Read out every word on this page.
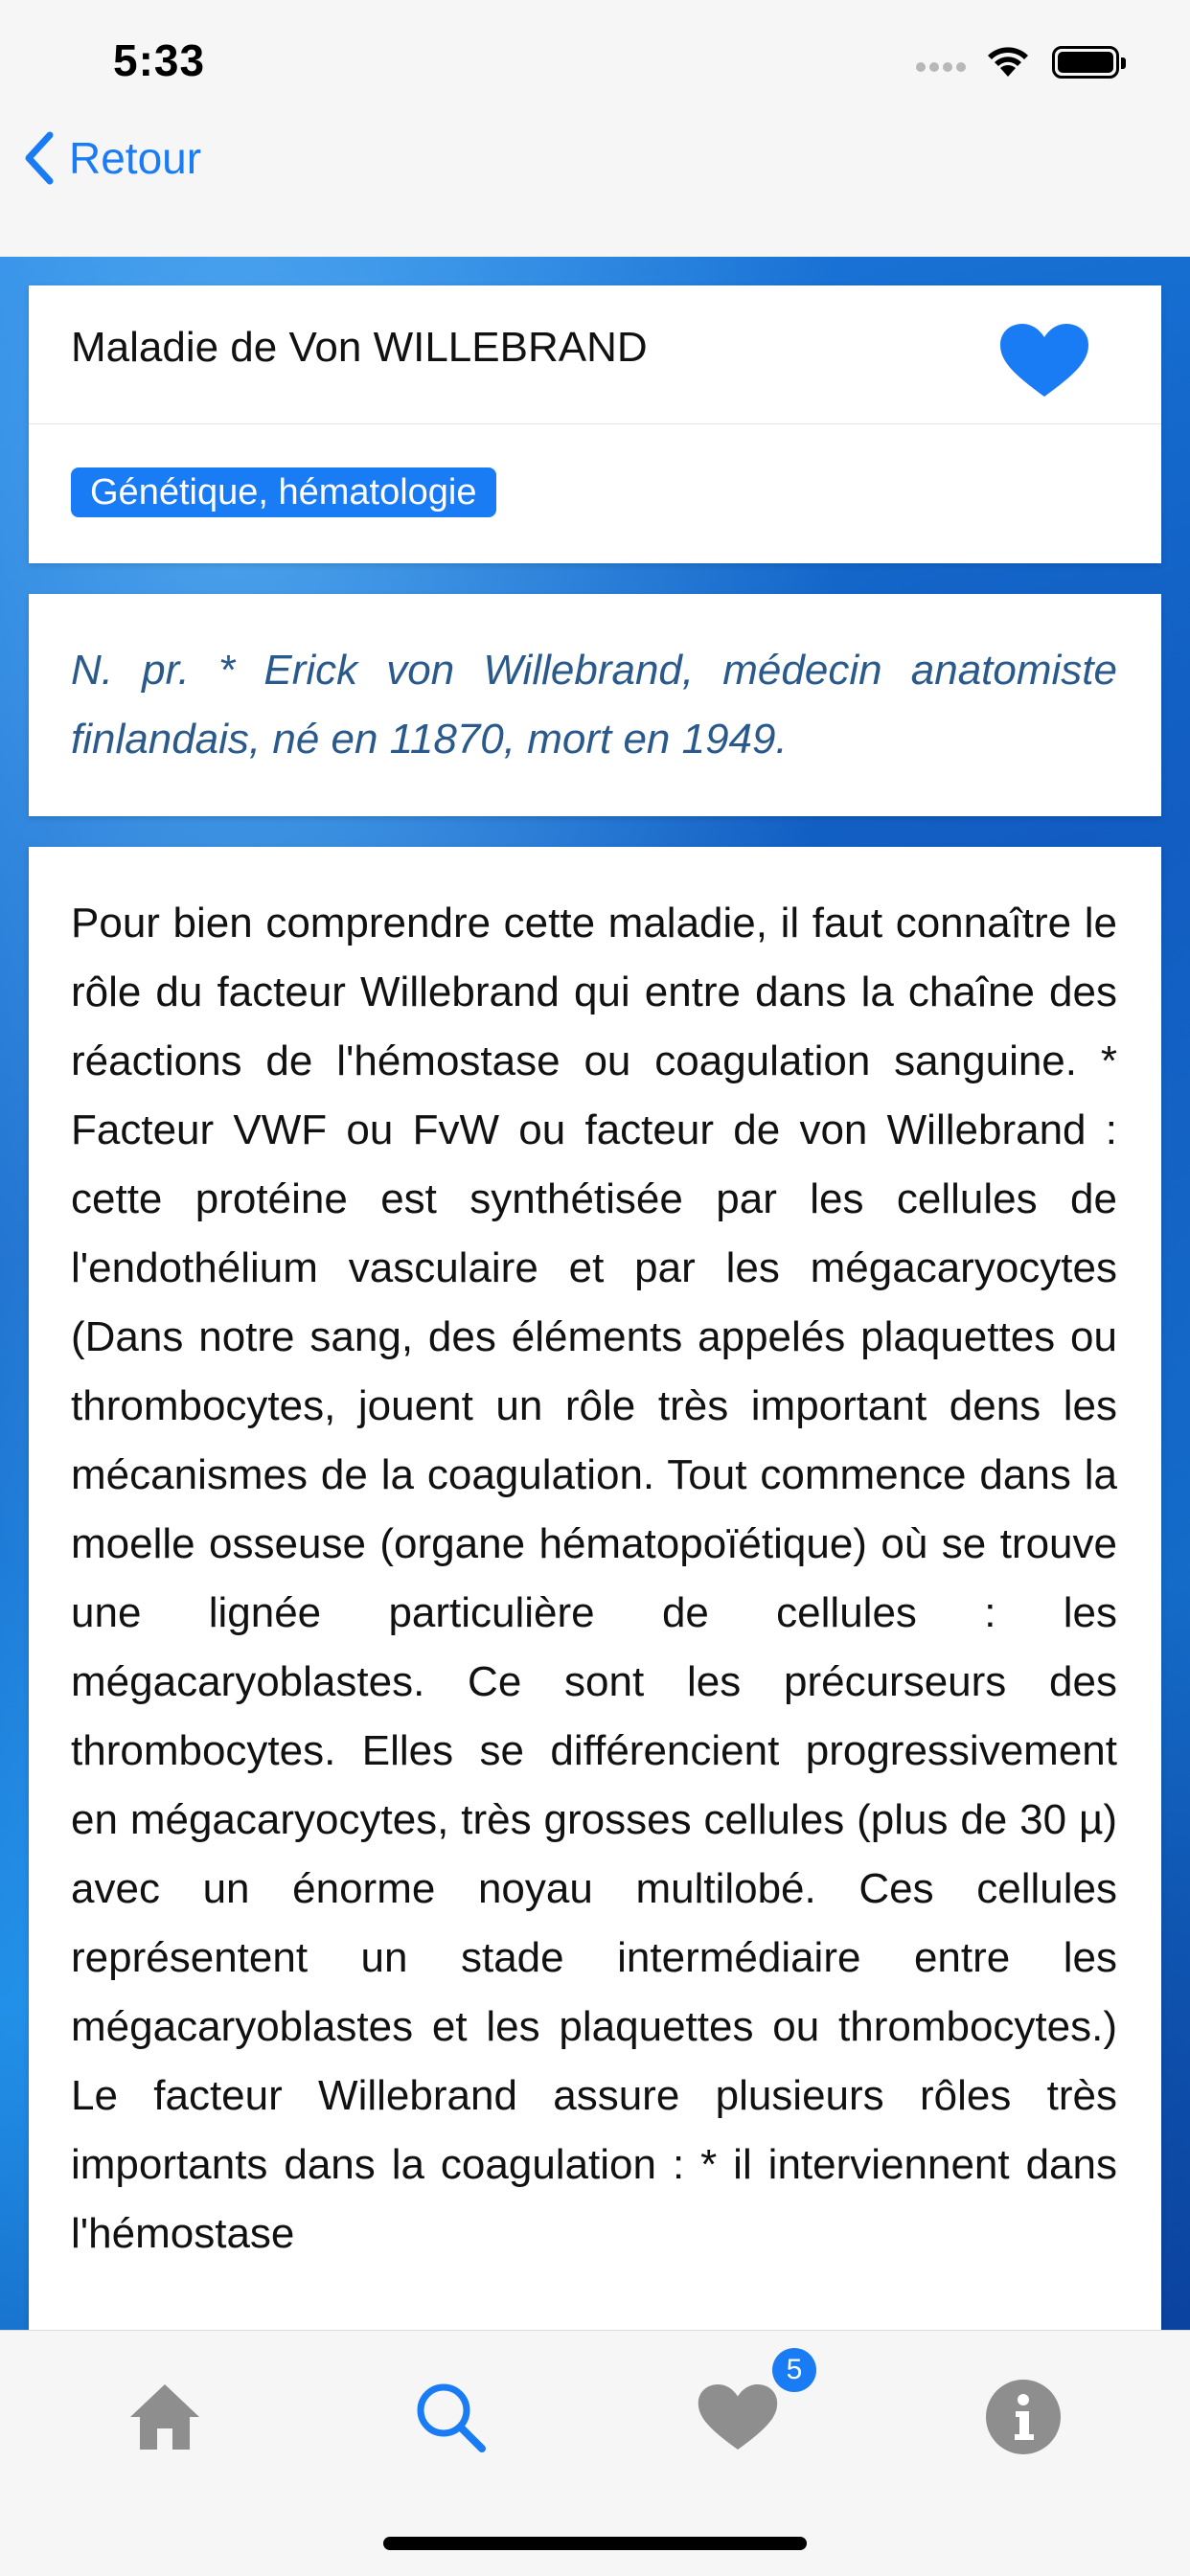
5:33
Retour
Maladie de Von WILLEBRAND
Génétique, hématologie
N. pr. * Erick von Willebrand, médecin anatomiste finlandais, né en 11870, mort en 1949.
Pour bien comprendre cette maladie, il faut connaître le rôle du facteur Willebrand qui entre dans la chaîne des réactions de l'hémostase ou coagulation sanguine. * Facteur VWF ou FvW ou facteur de von Willebrand : cette protéine est synthétisée par les cellules de l'endothélium vasculaire et par les mégacaryocytes (Dans notre sang, des éléments appelés plaquettes ou thrombocytes, jouent un rôle très important dens les mécanismes de la coagulation. Tout commence dans la moelle osseuse (organe hématopoïétique) où se trouve une lignée particulière de cellules : les mégacaryoblastes. Ce sont les précurseurs des thrombocytes. Elles se différencient progressivement en mégacaryocytes, très grosses cellules (plus de 30 µ) avec un énorme noyau multilobé. Ces cellules représentent un stade intermédiaire entre les mégacaryoblastes et les plaquettes ou thrombocytes.) Le facteur Willebrand assure plusieurs rôles très importants dans la coagulation : * il interviennent dans l'hémostase
5
